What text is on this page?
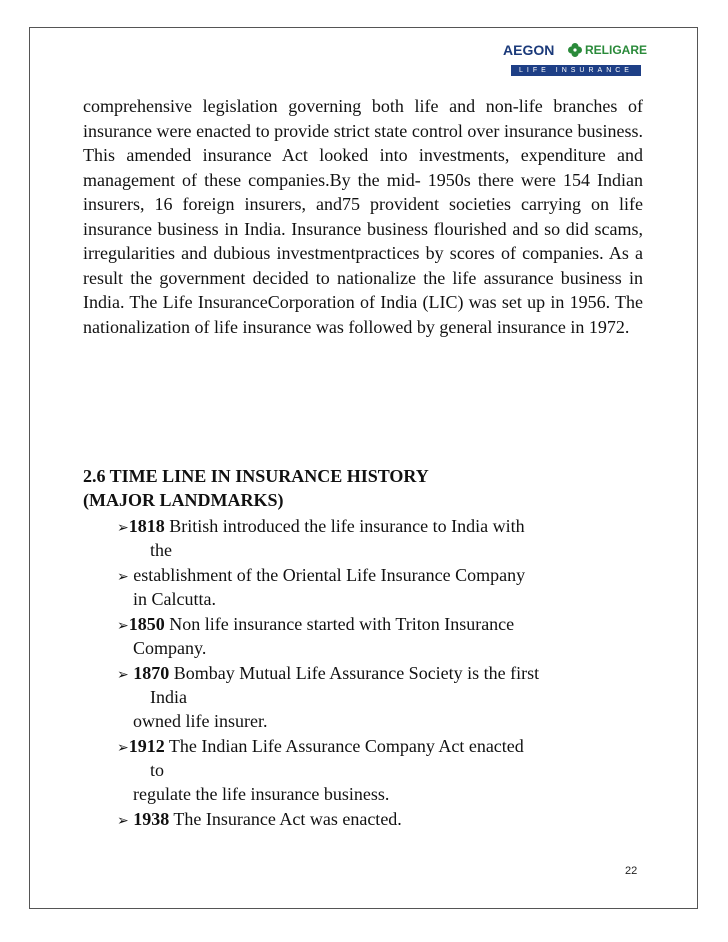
AEGON	RELIGARE
LIFE INSURANCE

comprehensive legislation governing both life and non-life branches of insurance were enacted to provide strict state control over insurance business. This amended insurance Act looked into investments, expenditure and management of these companies.By the mid- 1950s there were 154 Indian insurers, 16 foreign insurers, and75 provident societies carrying on life insurance business in India. Insurance business flourished and so did scams, irregularities and dubious investmentpractices by scores of companies. As a result the government decided to nationalize the life assurance business in India. The Life InsuranceCorporation of India (LIC) was set up in 1956. The nationalization of life insurance was followed by general insurance in 1972.

2.6 TIME LINE IN INSURANCE HISTORY
(MAJOR LANDMARKS)
➢1818 British introduced the life insurance to India with
the
➢ establishment of the Oriental Life Insurance Company
in Calcutta.
➢1850 Non life insurance started with Triton Insurance
Company.
➢ 1870 Bombay Mutual Life Assurance Society is the first
India
owned life insurer.
➢1912 The Indian Life Assurance Company Act enacted
to
regulate the life insurance business.
➢ 1938 The Insurance Act was enacted.
22
